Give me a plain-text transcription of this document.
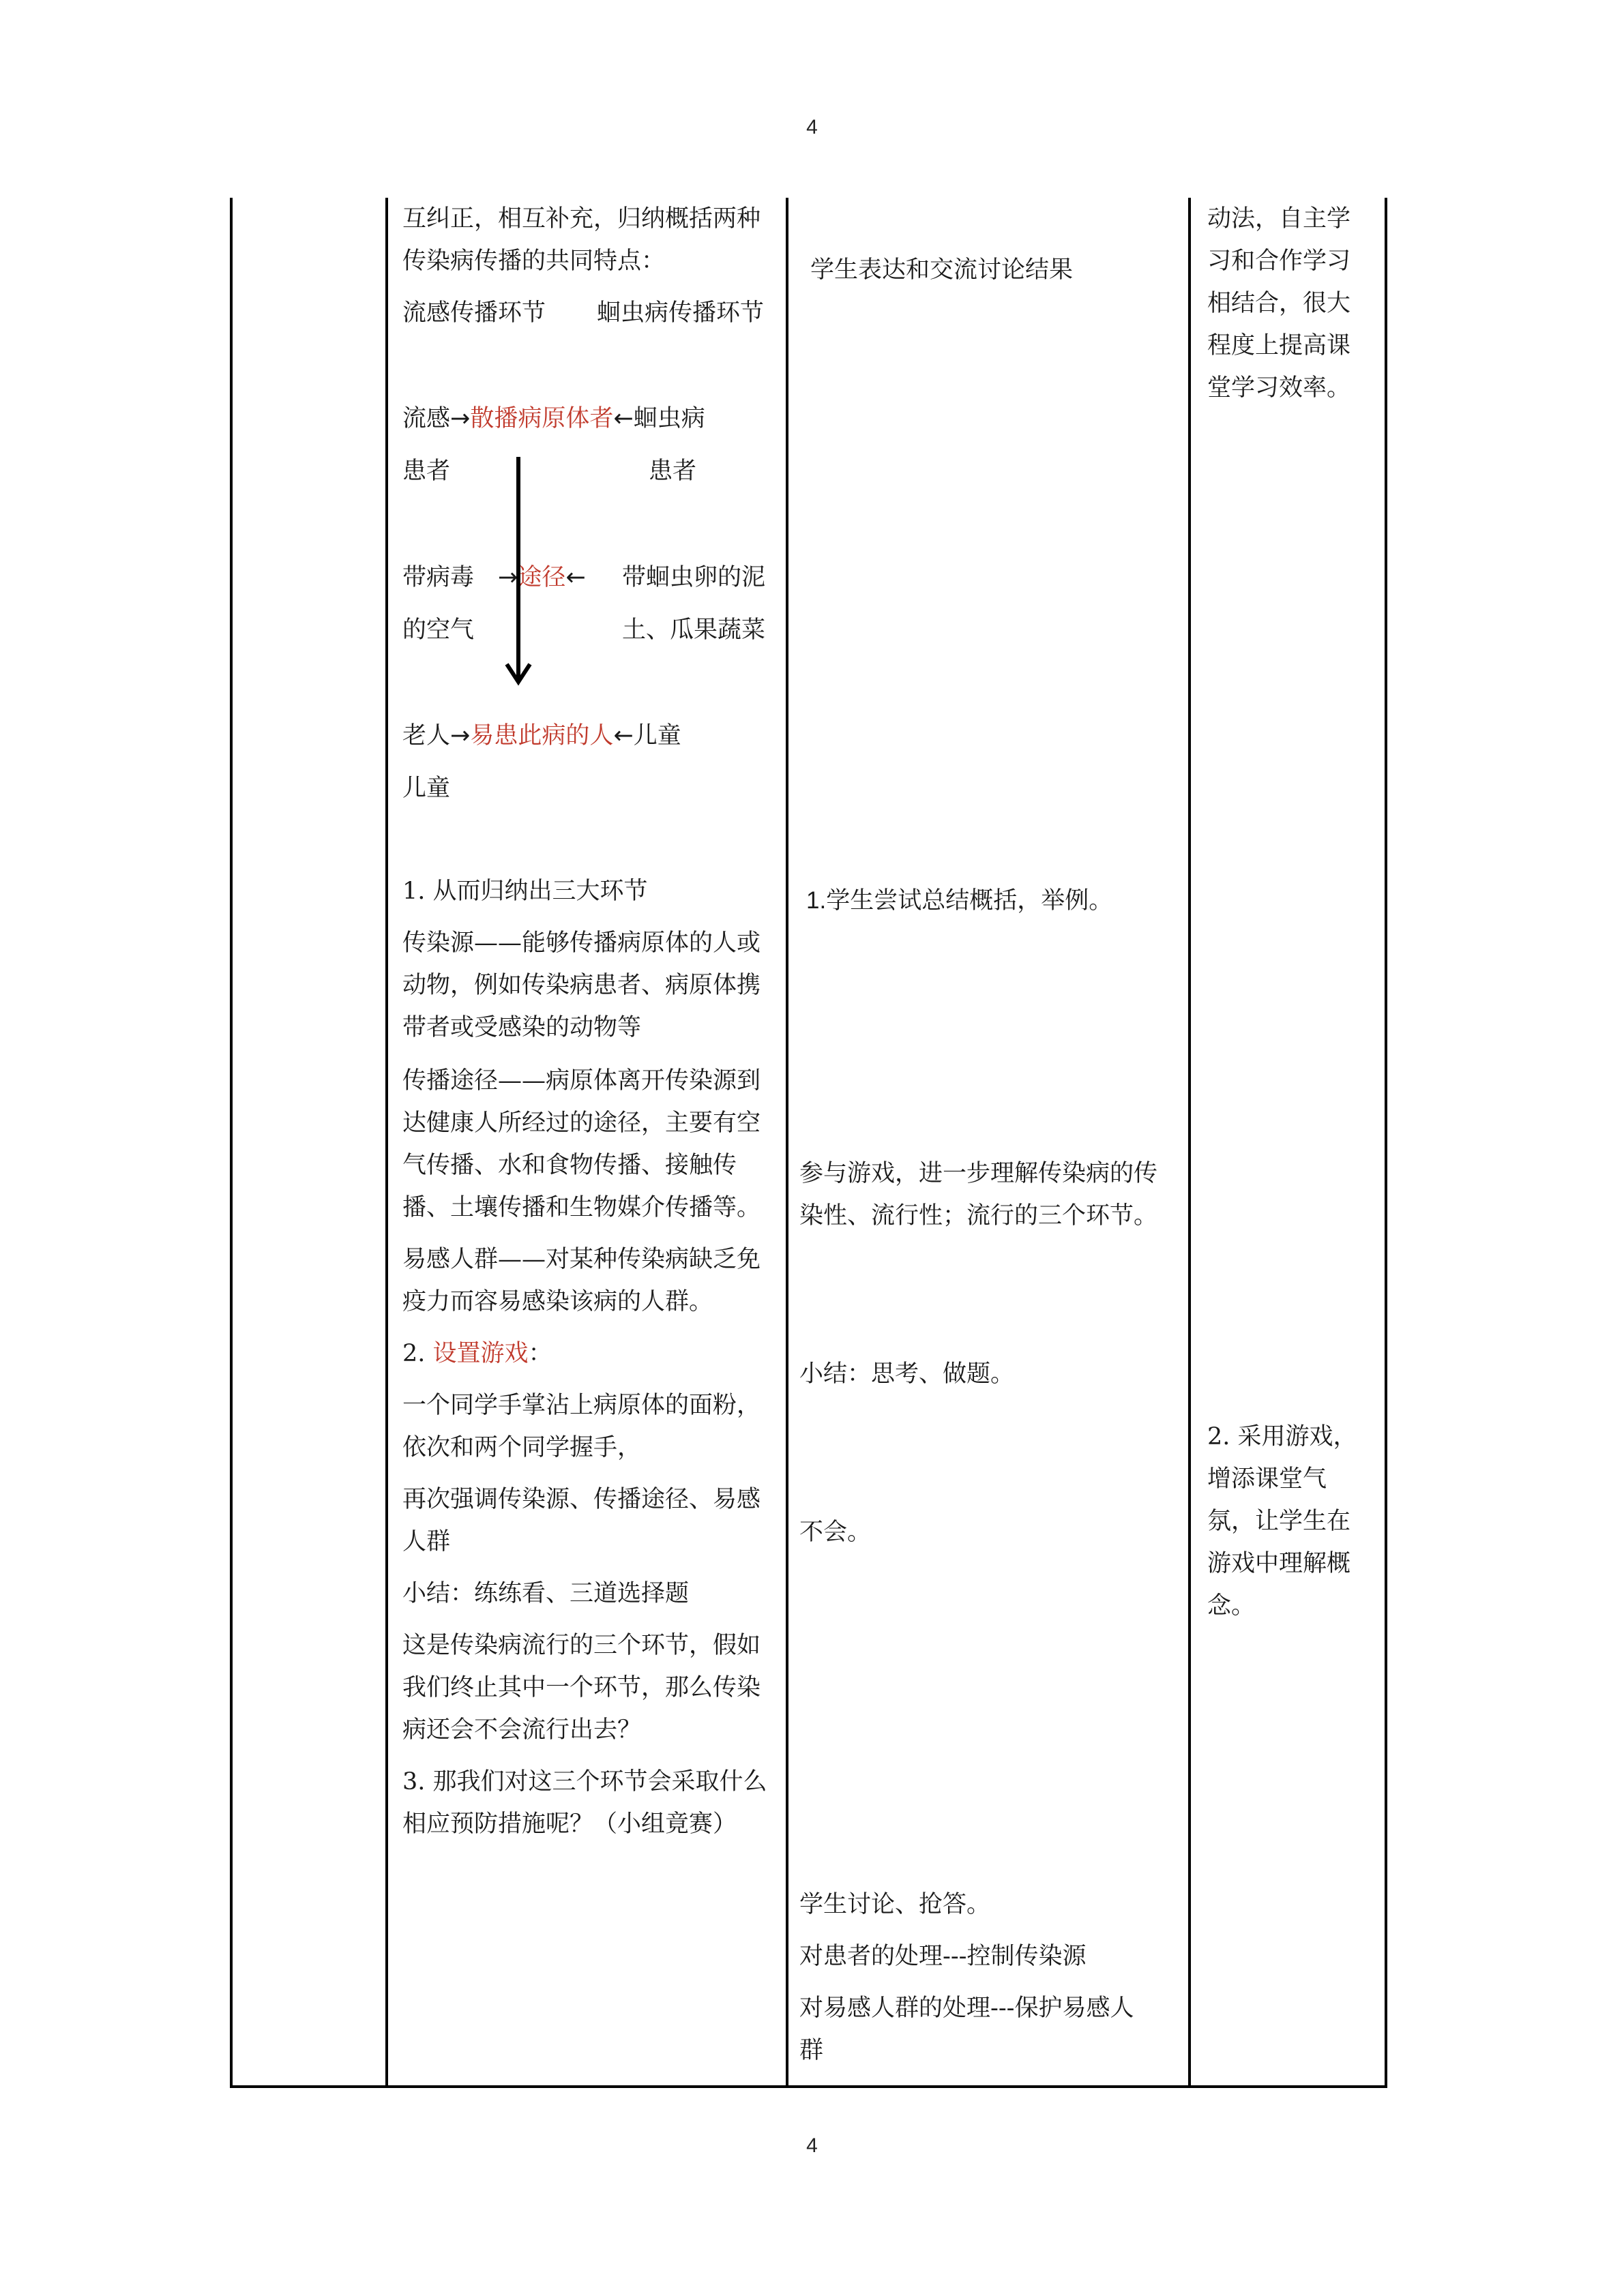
4
4
互纠正，相互补充，归纳概括两种
传染病传播的共同特点：
流感传播环节 蛔虫病传播环节
流感→散播病原体者←蛔虫病
患者	患者
带病毒 →途径← 带蛔虫卵的泥
的空气	土、瓜果蔬菜
老人→易患此病的人←儿童
儿童
1. 从而归纳出三大环节
传染源——能够传播病原体的人或
动物，例如传染病患者、病原体携
带者或受感染的动物等
传播途径——病原体离开传染源到
达健康人所经过的途径，主要有空
气传播、水和食物传播、接触传
播、土壤传播和生物媒介传播等。
易感人群——对某种传染病缺乏免
疫力而容易感染该病的人群。
2. 设置游戏：
一个同学手掌沾上病原体的面粉，
依次和两个同学握手，
再次强调传染源、传播途径、易感
人群
小结：练练看、三道选择题
这是传染病流行的三个环节，假如
我们终止其中一个环节，那么传染
病还会不会流行出去？
3. 那我们对这三个环节会采取什么
相应预防措施呢？（小组竟赛）
学生表达和交流讨论结果
1.学生尝试总结概括，举例。
参与游戏，进一步理解传染病的传
染性、流行性；流行的三个环节。
小结：思考、做题。
不会。
学生讨论、抢答。
对患者的处理---控制传染源
对易感人群的处理---保护易感人
群
动法，自主学
习和合作学习
相结合，很大
程度上提高课
堂学习效率。
2. 采用游戏，
增添课堂气
氛，让学生在
游戏中理解概
念。
